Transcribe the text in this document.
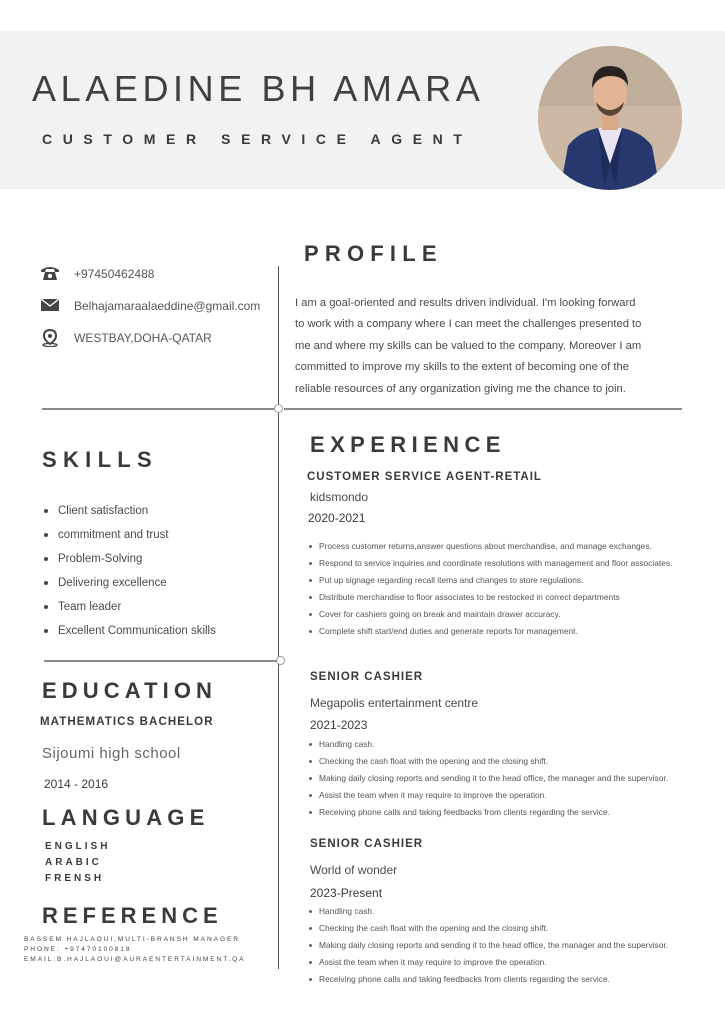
ALAEDINE BH AMARA
CUSTOMER SERVICE AGENT
+97450462488
Belhajamaraalaeddine@gmail.com
WESTBAY,DOHA-QATAR
PROFILE
I am a goal-oriented and results driven individual. I'm looking forward
to work with a company where I can meet the challenges presented to
me and where my skills can be valued to the company. Moreover I am
committed to improve my skills to the extent of becoming one of the
reliable resources of any organization giving me the chance to join.
SKILLS
Client satisfaction
commitment and trust
Problem-Solving
Delivering excellence
Team leader
Excellent Communication skills
EXPERIENCE
CUSTOMER SERVICE AGENT-RETAIL
kidsmondo
2020-2021
Process customer returns,answer questions about merchandise, and manage exchanges.
Respond to service inquiries and coordinate resolutions with management and floor associates.
Put up signage regarding recall items and changes to store regulations.
Distribute merchandise to floor associates to be restocked in correct departments
Cover for cashiers going on break and maintain drawer accuracy.
Complete shift start/end duties and generate reports for management.
SENIOR CASHIER
Megapolis entertainment centre
2021-2023
Handling cash.
Checking the cash float with the opening and the closing shift.
Making daily closing reports and sending it to the head office, the manager and the supervisor.
Assist the team when it may require to improve the operation.
Receiving phone calls and taking feedbacks from clients regarding the service.
SENIOR CASHIER
World of wonder
2023-Present
Handling cash.
Checking the cash float with the opening and the closing shift.
Making daily closing reports and sending it to the head office, the manager and the supervisor.
Assist the team when it may require to improve the operation.
Receiving phone calls and taking feedbacks from clients regarding the service.
EDUCATION
MATHEMATICS BACHELOR
Sijoumi high school
2014 - 2016
LANGUAGE
ENGLISH
ARABIC
FRENSH
REFERENCE
BASSEM HAJLAOUI,MULTI-BRANSH MANAGER
PHONE: +97470100818
EMAIL:B.HAJLAOUI@AURAENTERTAINMENT.QA
